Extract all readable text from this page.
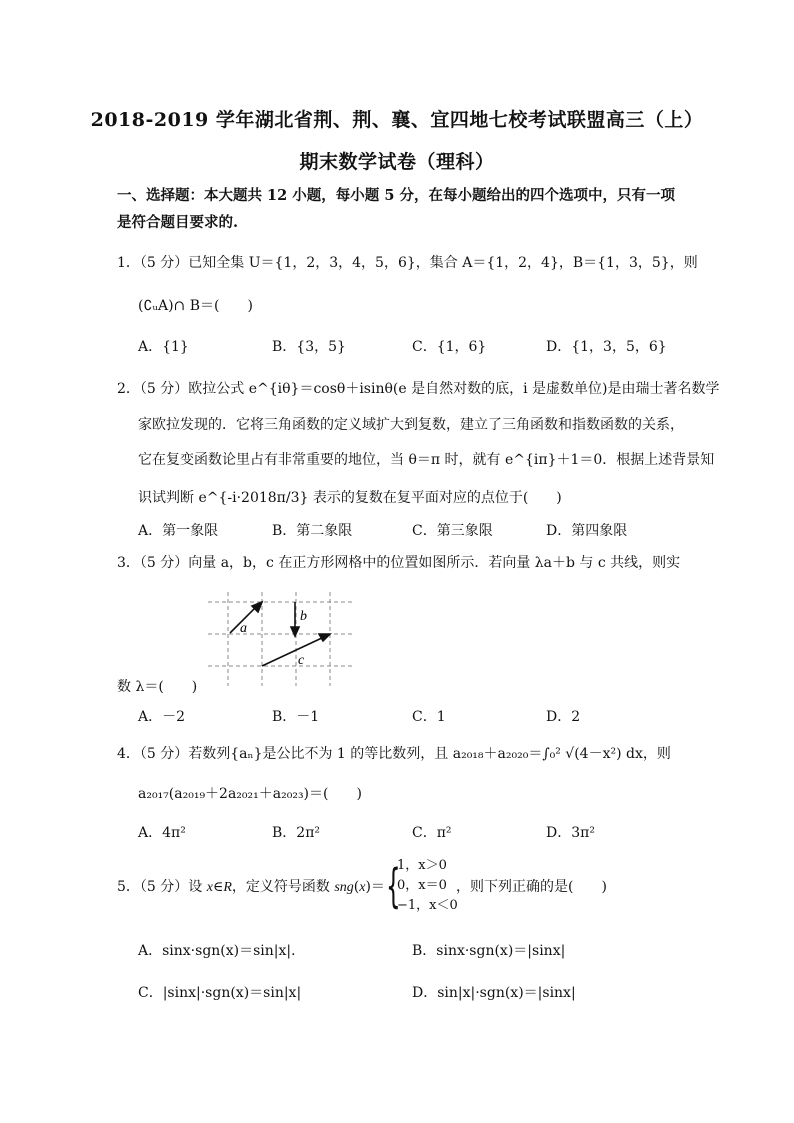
2018-2019 学年湖北省荆、荆、襄、宜四地七校考试联盟高三（上）
期末数学试卷（理科）
一、选择题：本大题共 12 小题，每小题 5 分，在每小题给出的四个选项中，只有一项是符合题目要求的.
1．（5 分）已知全集 U＝{1，2，3，4，5，6}，集合 A＝{1，2，4}，B＝{1，3，5}，则
(∁ᵤA)∩ B＝(　　)
A．{1}	B．{3，5}	C．{1，6}	D．{1，3，5，6}
2．（5 分）欧拉公式 e^{iθ}＝cosθ＋isinθ(e 是自然对数的底，i 是虚数单位)是由瑞士著名数学
家欧拉发现的．它将三角函数的定义域扩大到复数，建立了三角函数和指数函数的关系，
它在复变函数论里占有非常重要的地位，当 θ＝π 时，就有 e^{iπ}＋1＝0．根据上述背景知
识试判断 e^{-i·2018π/3} 表示的复数在复平面对应的点位于(　　)
A．第一象限	B．第二象限	C．第三象限	D．第四象限
3．（5 分）向量 a，b，c 在正方形网格中的位置如图所示．若向量 λa＋b 与 c 共线，则实
a
b
c
数 λ＝(　　)
A．－2	B．－1	C．1	D．2
4．（5 分）若数列{aₙ}是公比不为 1 的等比数列，且 a₂₀₁₈＋a₂₀₂₀＝∫₀² √(4－x²) dx，则
a₂₀₁₇(a₂₀₁₉＋2a₂₀₂₁＋a₂₀₂₃)＝(　　)
A．4π²	B．2π²	C．π²	D．3π²
5．（5 分）设 x∈R，定义符号函数 sng(x)＝ {
1，x＞0
0，x＝0
−1，x＜0
，则下列正确的是(　　)
A．sinx·sgn(x)＝sin|x|．	B．sinx·sgn(x)＝|sinx|
C．|sinx|·sgn(x)＝sin|x|	D．sin|x|·sgn(x)＝|sinx|
